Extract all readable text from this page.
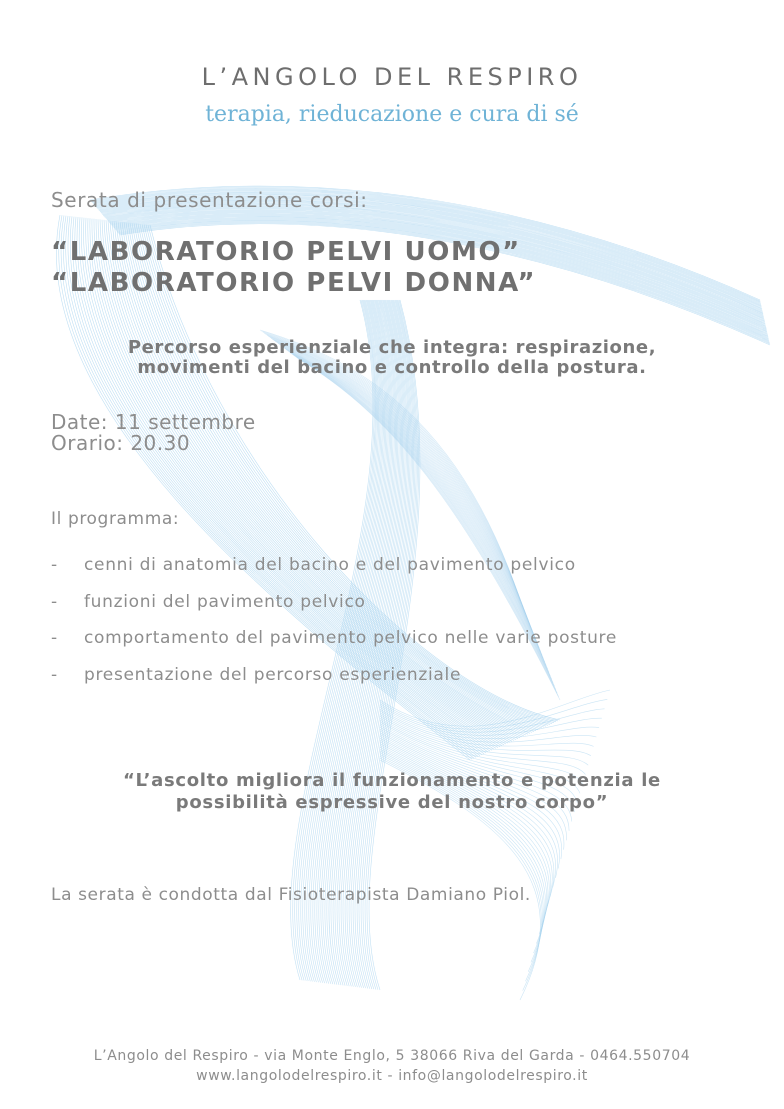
L’ANGOLO DEL RESPIRO
terapia, rieducazione e cura di sé
Serata di presentazione corsi:
“LABORATORIO PELVI UOMO”
“LABORATORIO PELVI DONNA”
Percorso esperienziale che integra: respirazione,
movimenti del bacino e controllo della postura.
Date: 11 settembre
Orario: 20.30
Il programma:
- cenni di anatomia del bacino e del pavimento pelvico
- funzioni del pavimento pelvico
- comportamento del pavimento pelvico nelle varie posture
- presentazione del percorso esperienziale
“L’ascolto migliora il funzionamento e potenzia le
possibilità espressive del nostro corpo”
La serata è condotta dal Fisioterapista Damiano Piol.
L’Angolo del Respiro - via Monte Englo, 5 38066 Riva del Garda - 0464.550704
www.langolodelrespiro.it - info@langolodelrespiro.it
